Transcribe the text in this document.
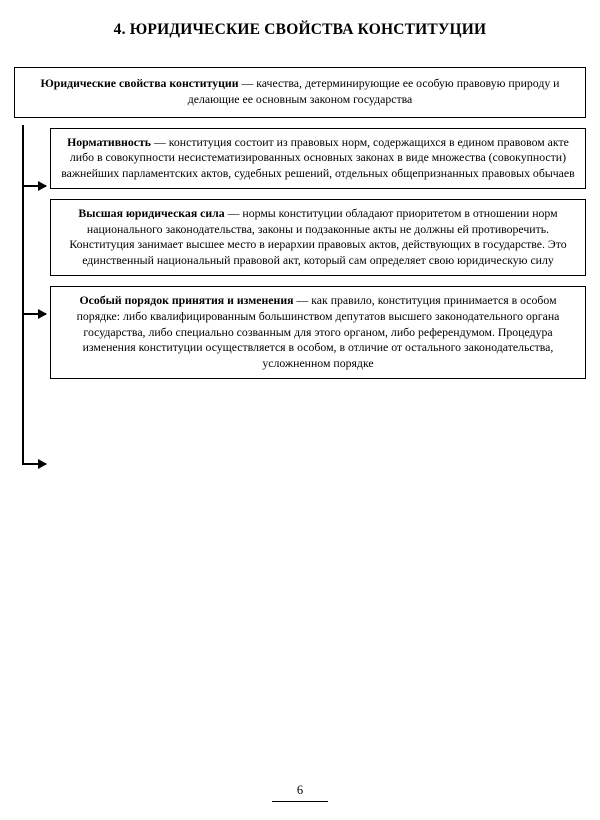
4. ЮРИДИЧЕСКИЕ СВОЙСТВА КОНСТИТУЦИИ
Юридические свойства конституции — качества, детерминирующие ее особую правовую природу и делающие ее основным законом государства
Нормативность — конституция состоит из правовых норм, содержащихся в едином правовом акте либо в совокупности несистематизированных основных законах в виде множества (совокупности) важнейших парламентских актов, судебных решений, отдельных общепризнанных правовых обычаев
Высшая юридическая сила — нормы конституции обладают приоритетом в отношении норм национального законодательства, законы и подзаконные акты не должны ей противоречить. Конституция занимает высшее место в иерархии правовых актов, действующих в государстве. Это единственный национальный правовой акт, который сам определяет свою юридическую силу
Особый порядок принятия и изменения — как правило, конституция принимается в особом порядке: либо квалифицированным большинством депутатов высшего законодательного органа государства, либо специально созванным для этого органом, либо референдумом. Процедура изменения конституции осуществляется в особом, в отличие от остального законодательства, усложненном порядке
6
